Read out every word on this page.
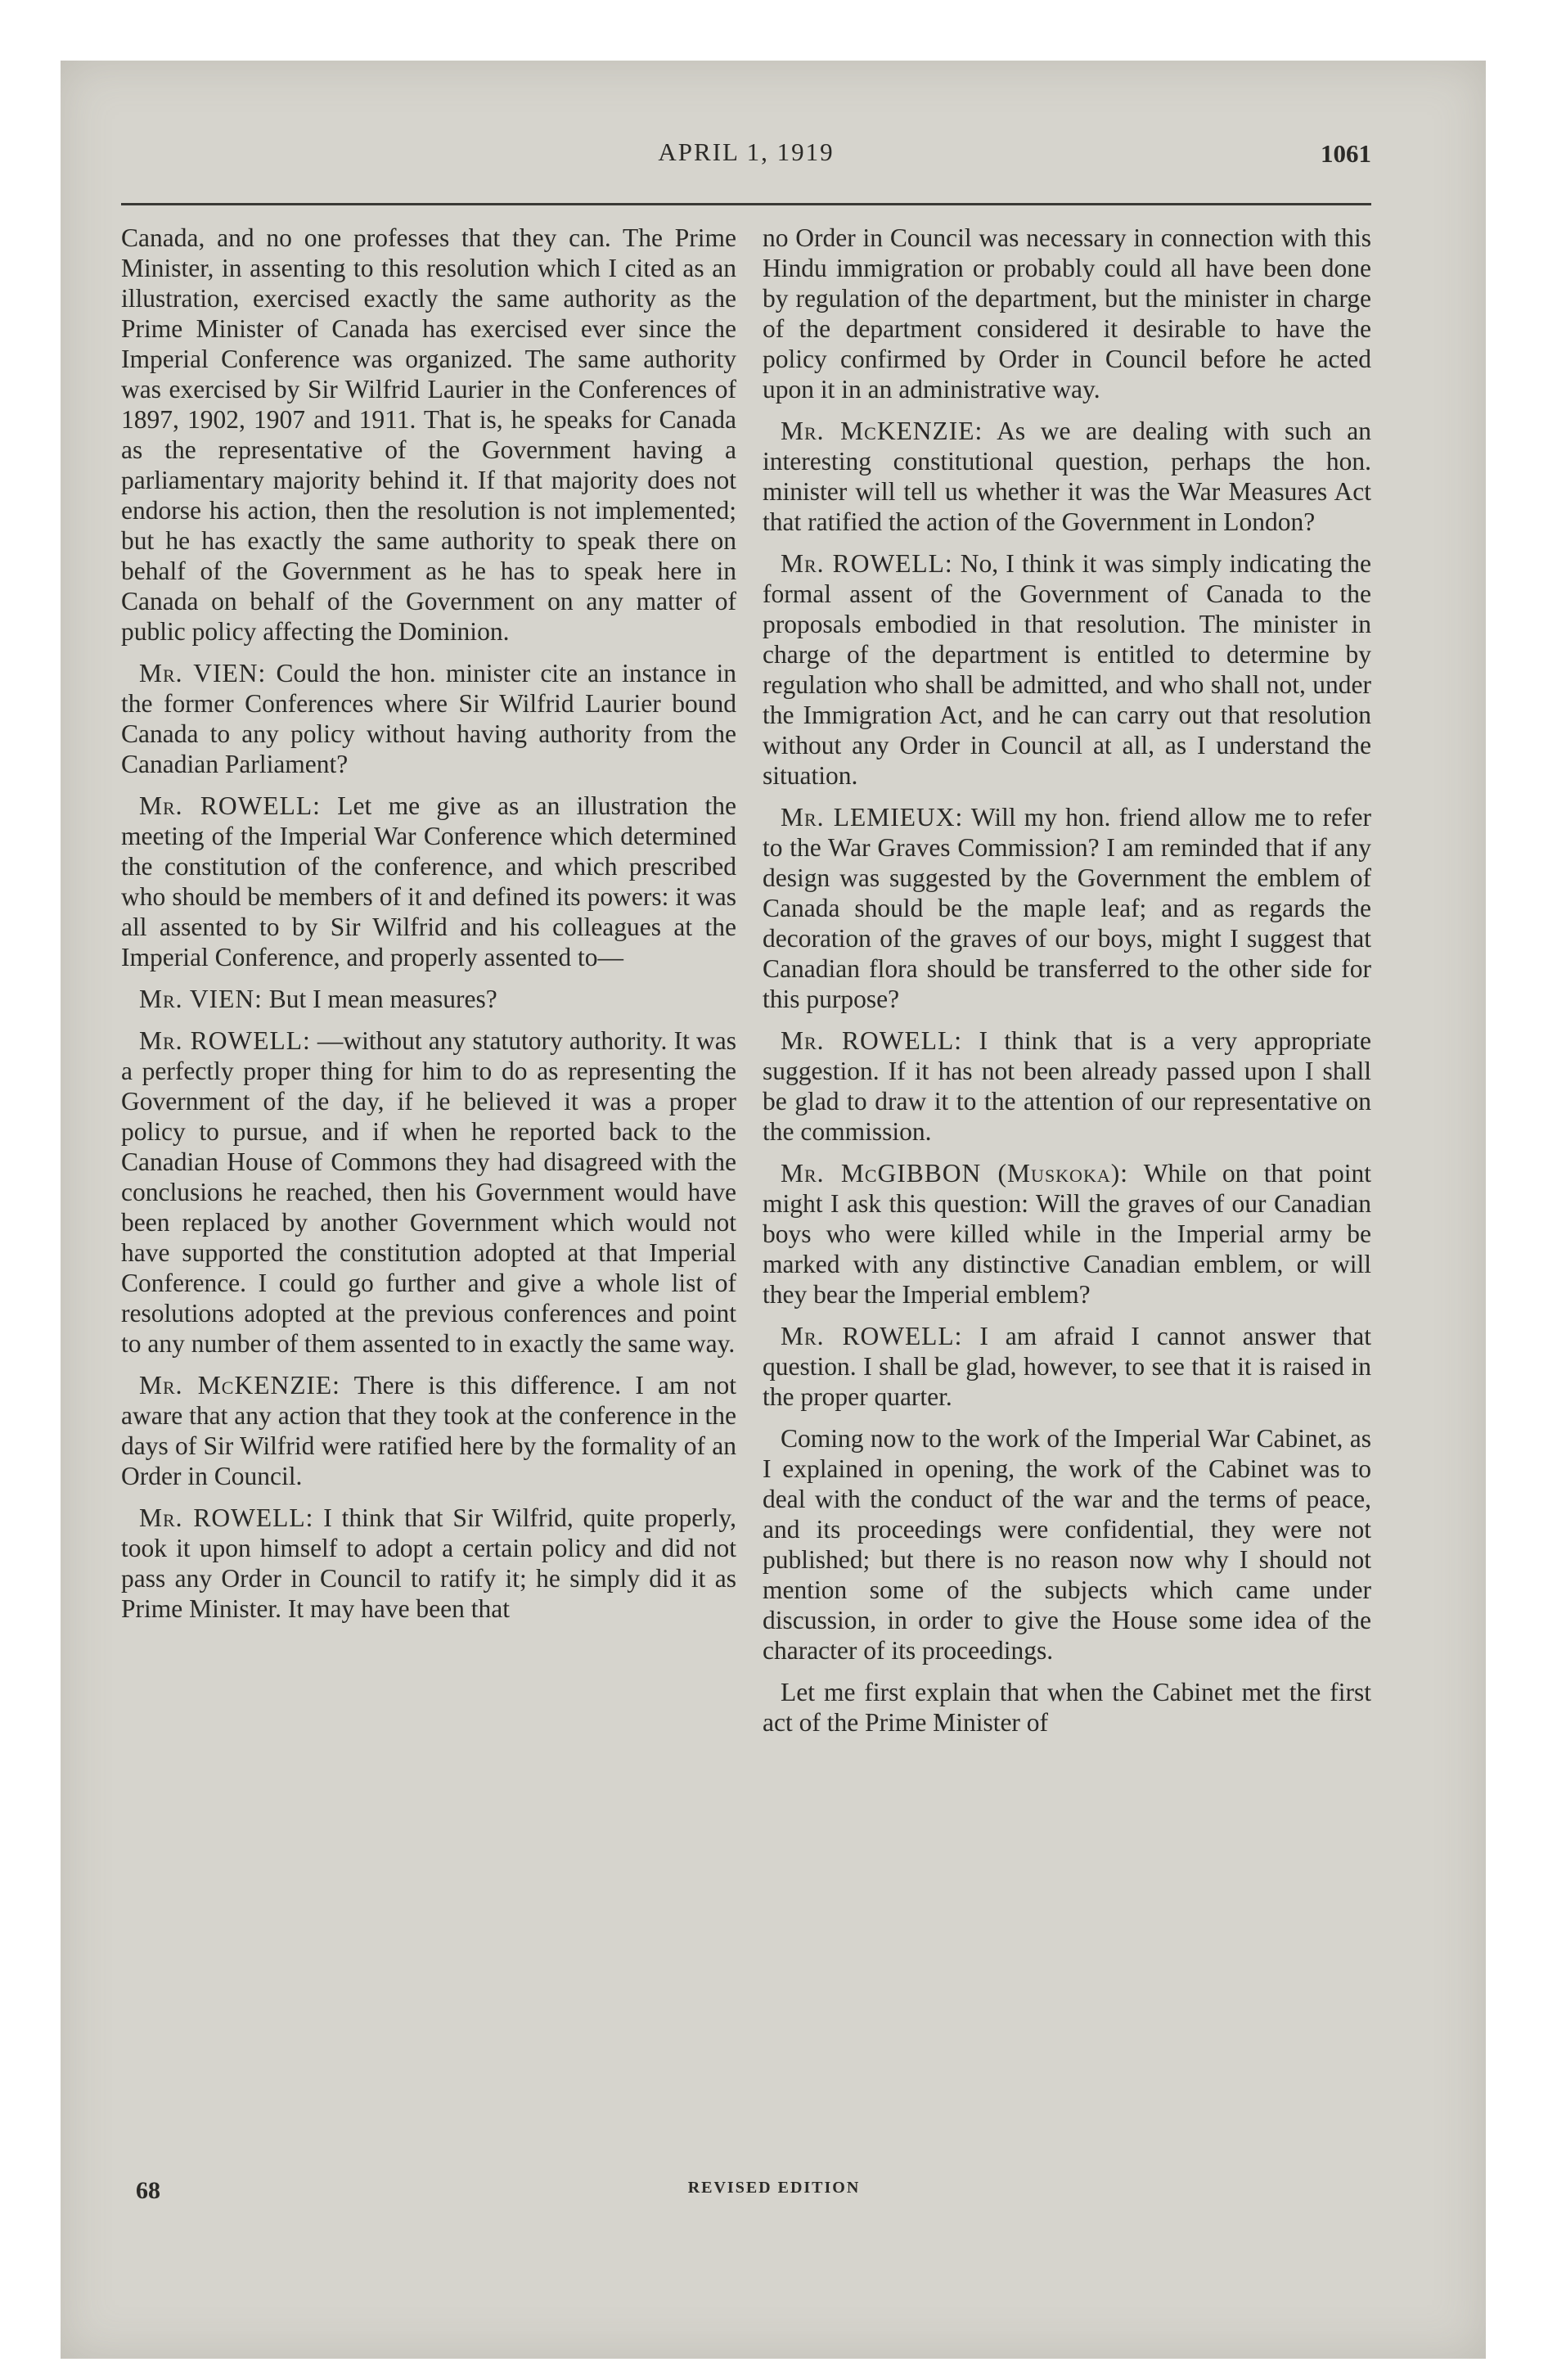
APRIL 1, 1919	1061

Canada, and no one professes that they can. The Prime Minister, in assenting to this resolution which I cited as an illustration, exercised exactly the same authority as the Prime Minister of Canada has exercised ever since the Imperial Conference was organized. The same authority was exercised by Sir Wilfrid Laurier in the Conferences of 1897, 1902, 1907 and 1911. That is, he speaks for Canada as the representative of the Government having a parliamentary majority behind it. If that majority does not endorse his action, then the resolution is not implemented; but he has exactly the same authority to speak there on behalf of the Government as he has to speak here in Canada on behalf of the Government on any matter of public policy affecting the Dominion.

Mr. VIEN: Could the hon. minister cite an instance in the former Conferences where Sir Wilfrid Laurier bound Canada to any policy without having authority from the Canadian Parliament?

Mr. ROWELL: Let me give as an illustration the meeting of the Imperial War Conference which determined the constitution of the conference, and which prescribed who should be members of it and defined its powers: it was all assented to by Sir Wilfrid and his colleagues at the Imperial Conference, and properly assented to—

Mr. VIEN: But I mean measures?

Mr. ROWELL: —without any statutory authority. It was a perfectly proper thing for him to do as representing the Government of the day, if he believed it was a proper policy to pursue, and if when he reported back to the Canadian House of Commons they had disagreed with the conclusions he reached, then his Government would have been replaced by another Government which would not have supported the constitution adopted at that Imperial Conference. I could go further and give a whole list of resolutions adopted at the previous conferences and point to any number of them assented to in exactly the same way.

Mr. McKENZIE: There is this difference. I am not aware that any action that they took at the conference in the days of Sir Wilfrid were ratified here by the formality of an Order in Council.

Mr. ROWELL: I think that Sir Wilfrid, quite properly, took it upon himself to adopt a certain policy and did not pass any Order in Council to ratify it; he simply did it as Prime Minister. It may have been that

no Order in Council was necessary in connection with this Hindu immigration or probably could all have been done by regulation of the department, but the minister in charge of the department considered it desirable to have the policy confirmed by Order in Council before he acted upon it in an administrative way.

Mr. McKENZIE: As we are dealing with such an interesting constitutional question, perhaps the hon. minister will tell us whether it was the War Measures Act that ratified the action of the Government in London?

Mr. ROWELL: No, I think it was simply indicating the formal assent of the Government of Canada to the proposals embodied in that resolution. The minister in charge of the department is entitled to determine by regulation who shall be admitted, and who shall not, under the Immigration Act, and he can carry out that resolution without any Order in Council at all, as I understand the situation.

Mr. LEMIEUX: Will my hon. friend allow me to refer to the War Graves Commission? I am reminded that if any design was suggested by the Government the emblem of Canada should be the maple leaf; and as regards the decoration of the graves of our boys, might I suggest that Canadian flora should be transferred to the other side for this purpose?

Mr. ROWELL: I think that is a very appropriate suggestion. If it has not been already passed upon I shall be glad to draw it to the attention of our representative on the commission.

Mr. McGIBBON (Muskoka): While on that point might I ask this question: Will the graves of our Canadian boys who were killed while in the Imperial army be marked with any distinctive Canadian emblem, or will they bear the Imperial emblem?

Mr. ROWELL: I am afraid I cannot answer that question. I shall be glad, however, to see that it is raised in the proper quarter.

Coming now to the work of the Imperial War Cabinet, as I explained in opening, the work of the Cabinet was to deal with the conduct of the war and the terms of peace, and its proceedings were confidential, they were not published; but there is no reason now why I should not mention some of the subjects which came under discussion, in order to give the House some idea of the character of its proceedings.

Let me first explain that when the Cabinet met the first act of the Prime Minister of

68	REVISED EDITION
